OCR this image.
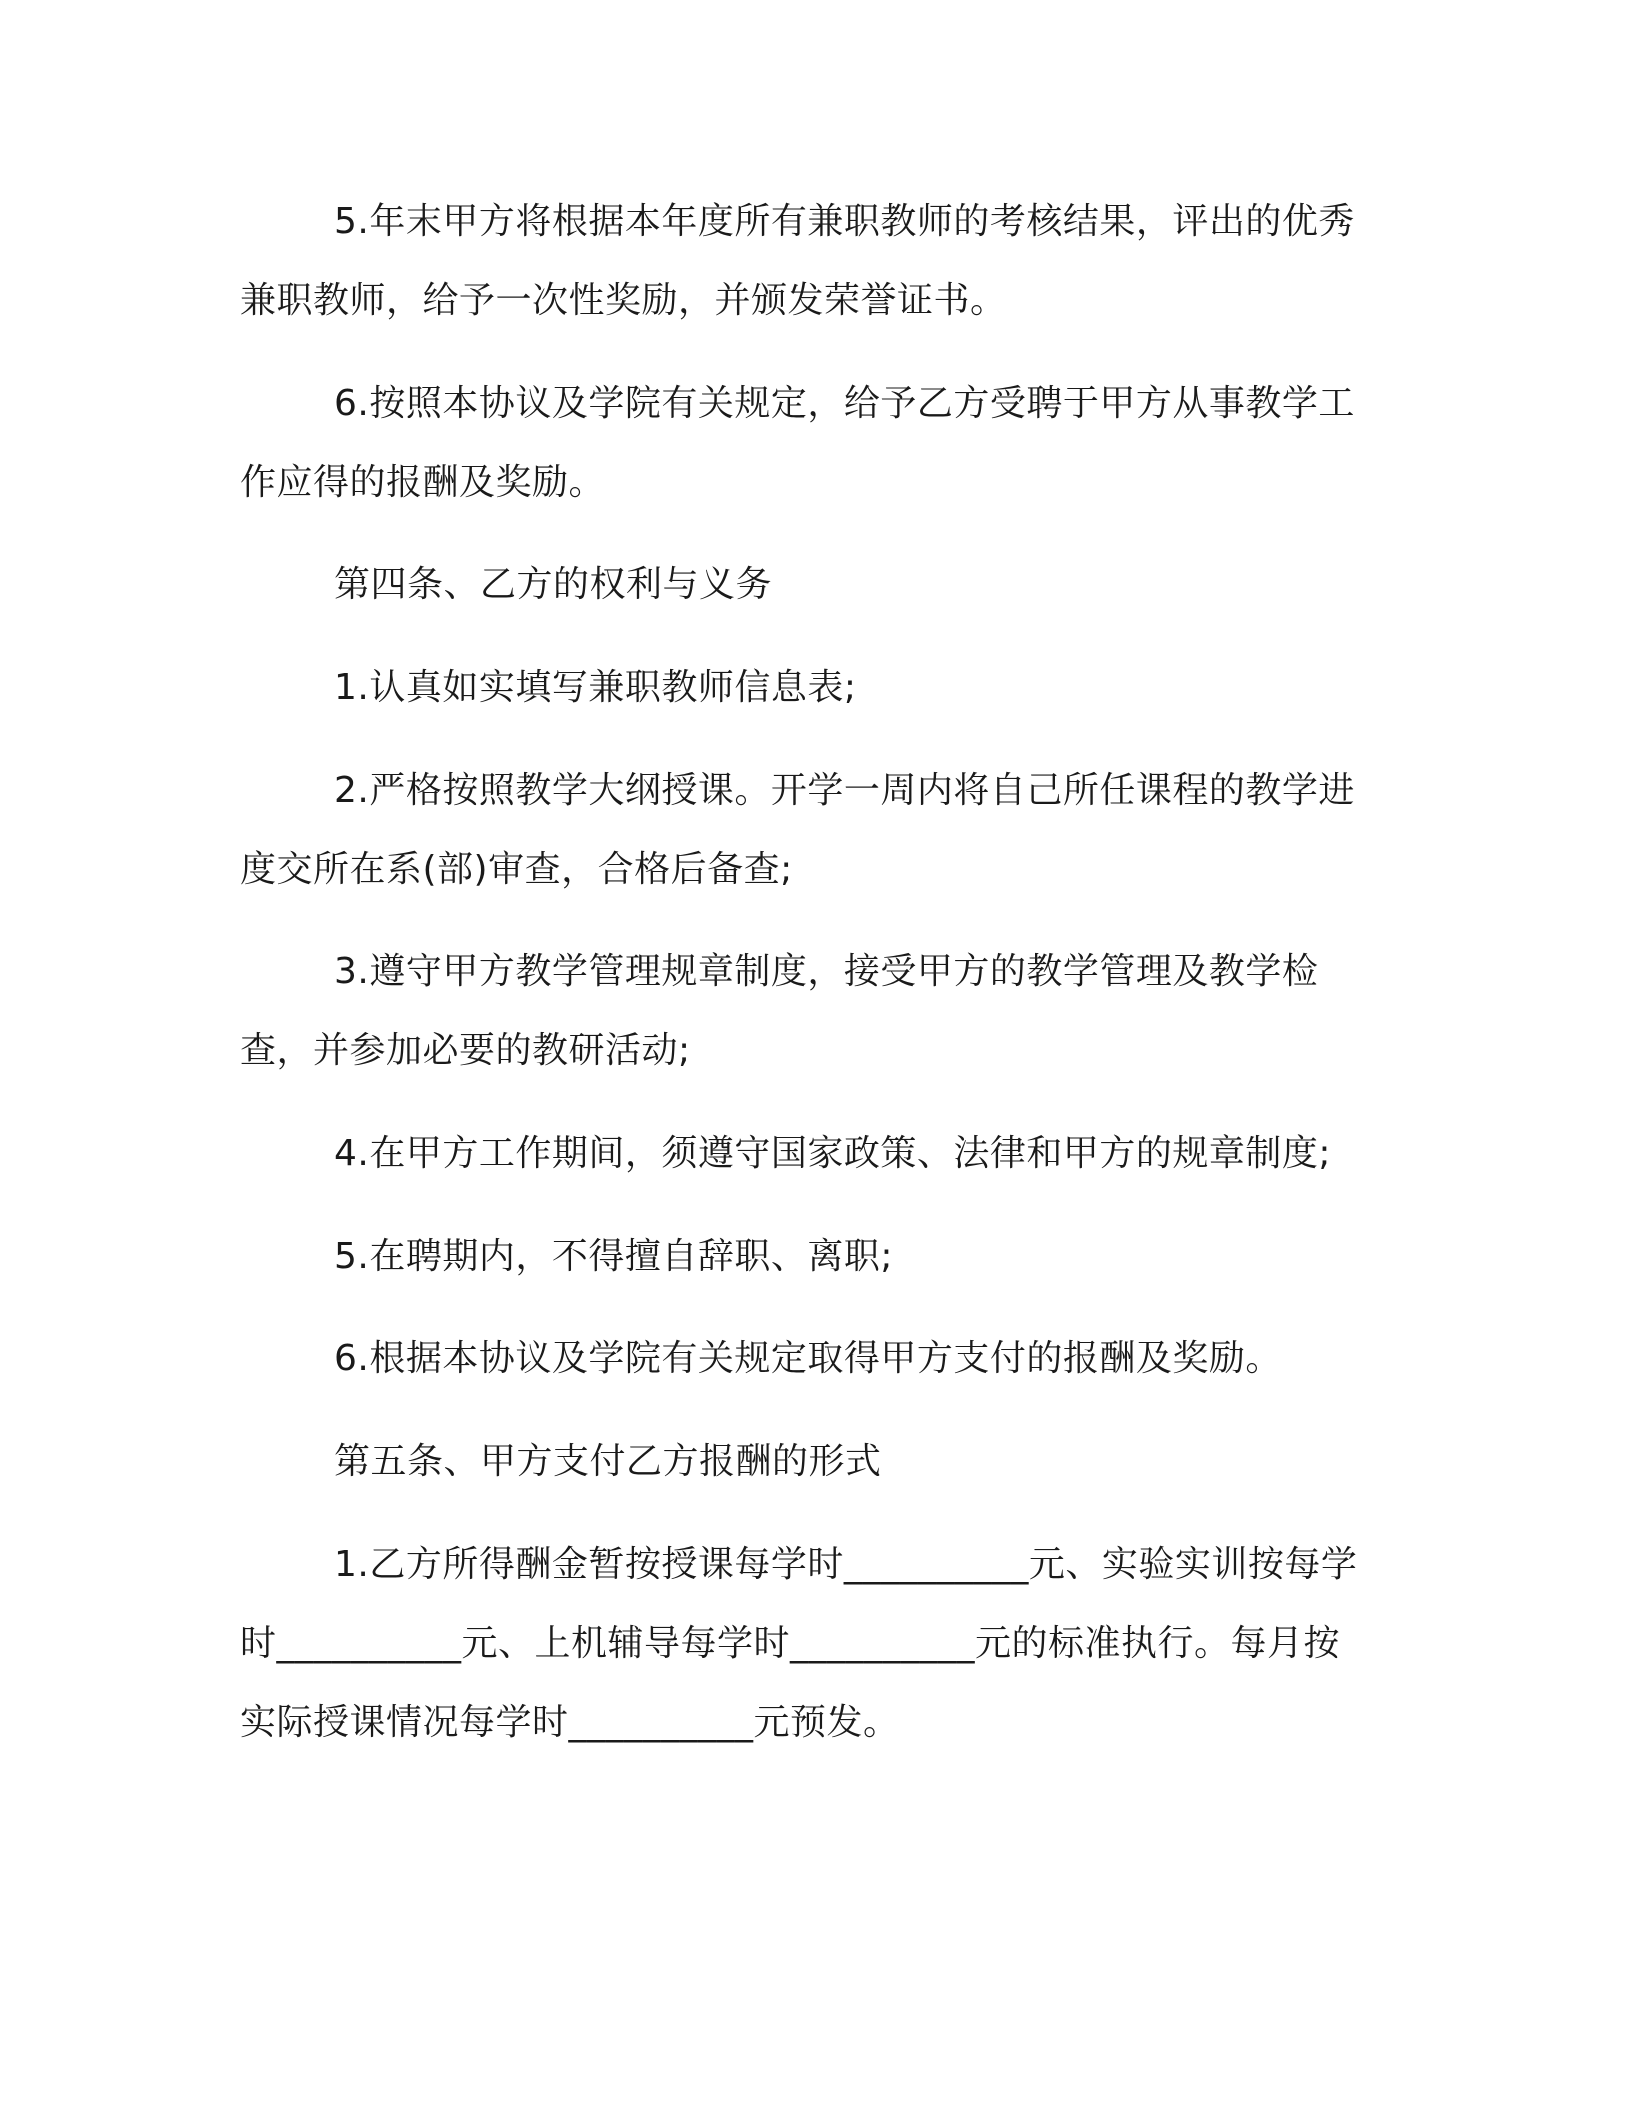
5.年末甲方将根据本年度所有兼职教师的考核结果，评出的优秀兼职教师，给予一次性奖励，并颁发荣誉证书。

6.按照本协议及学院有关规定，给予乙方受聘于甲方从事教学工作应得的报酬及奖励。

第四条、乙方的权利与义务

1.认真如实填写兼职教师信息表;

2.严格按照教学大纲授课。开学一周内将自己所任课程的教学进度交所在系(部)审查，合格后备查;

3.遵守甲方教学管理规章制度，接受甲方的教学管理及教学检查，并参加必要的教研活动;

4.在甲方工作期间，须遵守国家政策、法律和甲方的规章制度;

5.在聘期内，不得擅自辞职、离职;

6.根据本协议及学院有关规定取得甲方支付的报酬及奖励。

第五条、甲方支付乙方报酬的形式

1.乙方所得酬金暂按授课每学时__________元、实验实训按每学时__________元、上机辅导每学时__________元的标准执行。每月按实际授课情况每学时__________元预发。
